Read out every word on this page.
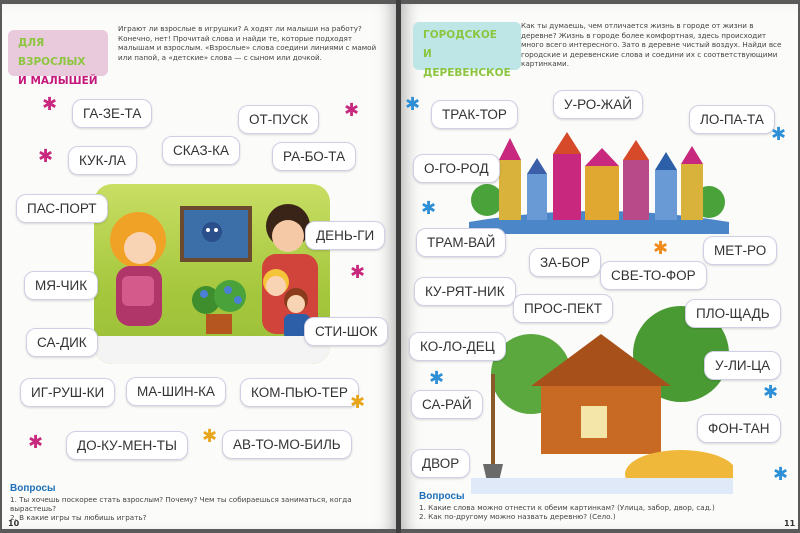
ДЛЯ ВЗРОСЛЫХ
И МАЛЫШЕЙ
Играют ли взрослые в игрушки? А ходят ли малыши на работу? Конечно, нет! Прочитай слова и найди те, которые подходят малышам и взрослым. «Взрослые» слова соедини линиями с мамой или папой, а «детские» слова — с сыном или дочкой.
ГА-ЗЕ-ТА	ОТ-ПУСК
КУК-ЛА
СКАЗ-КА	РА-БО-ТА
ПАС-ПОРТ
ДЕНЬ-ГИ
МЯ-ЧИК
СТИ-ШОК
СА-ДИК
ИГ-РУШ-КИ	МА-ШИН-КА	КОМ-ПЬЮ-ТЕР
ДО-КУ-МЕН-ТЫ	АВ-ТО-МО-БИЛЬ
✱	✱
✱
✱
✱
✱	✱
Вопросы
1. Ты хочешь поскорее стать взрослым? Почему? Чем ты собираешься заниматься, когда вырастешь?
2. В какие игры ты любишь играть?
10
ГОРОДСКОЕ
И ДЕРЕВЕНСКОЕ
Как ты думаешь, чем отличается жизнь в городе от жизни в деревне? Жизнь в городе более комфортная, здесь происходит много всего интересного. Зато в деревне чистый воздух. Найди все городские и деревенские слова и соедини их с соответствующими картинками.
ТРАК-ТОР
У-РО-ЖАЙ
ЛО-ПА-ТА
О-ГО-РОД
ТРАМ-ВАЙ
ЗА-БОР
МЕТ-РО
СВЕ-ТО-ФОР
КУ-РЯТ-НИК
ПРОС-ПЕКТ	ПЛО-ЩАДЬ
КО-ЛО-ДЕЦ
У-ЛИ-ЦА
СА-РАЙ
ФОН-ТАН
ДВОР
✱
✱
✱
✱
✱
✱
✱
Вопросы
1. Какие слова можно отнести к обеим картинкам? (Улица, забор, двор, сад.)
2. Как по-другому можно назвать деревню? (Село.)
11
